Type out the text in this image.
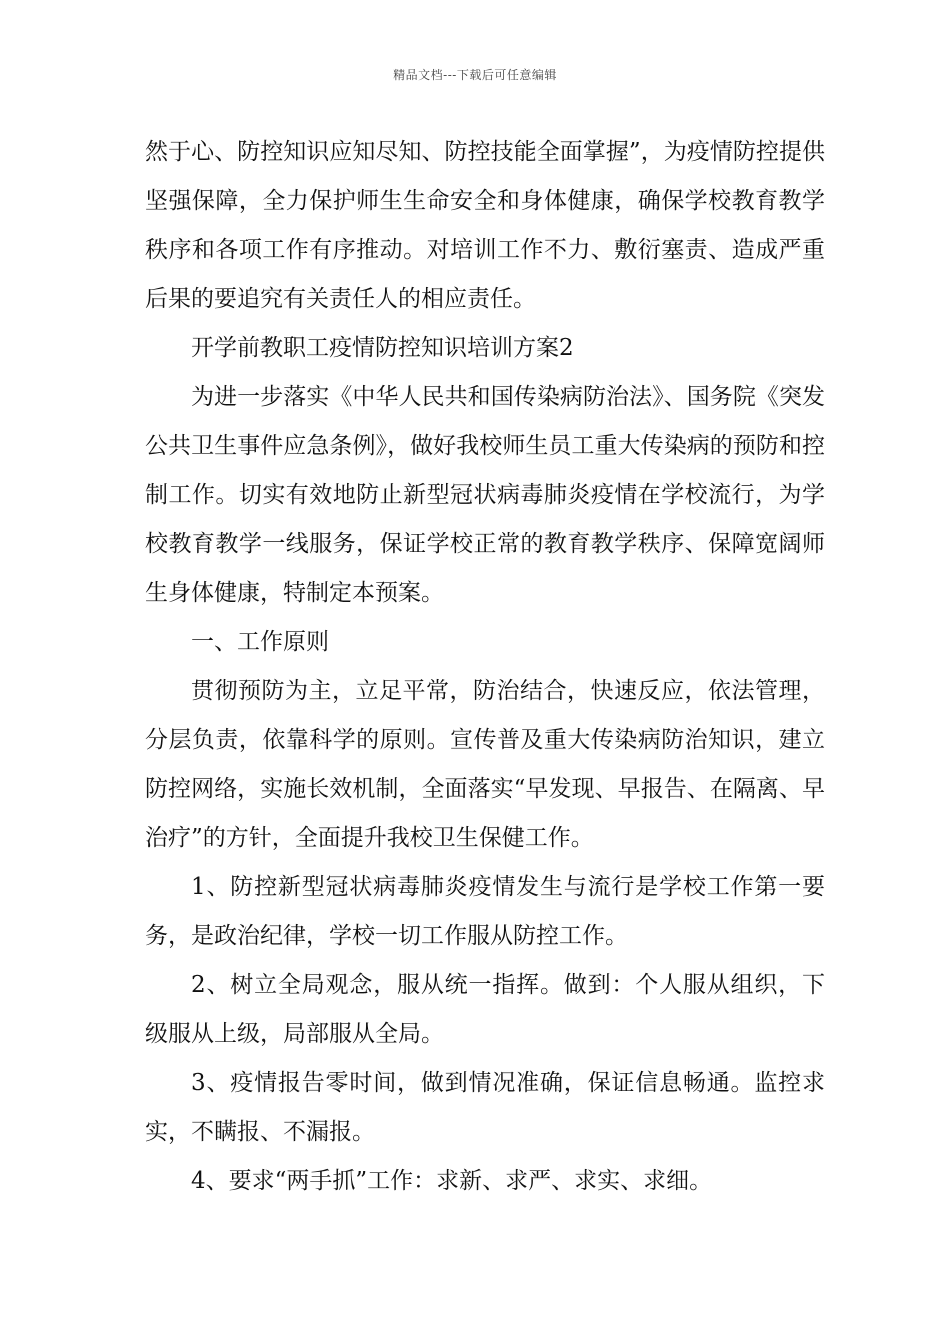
精品文档---下载后可任意编辑

然于心、防控知识应知尽知、防控技能全面掌握”，为疫情防控提供坚强保障，全力保护师生生命安全和身体健康，确保学校教育教学秩序和各项工作有序推动。对培训工作不力、敷衍塞责、造成严重后果的要追究有关责任人的相应责任。

开学前教职工疫情防控知识培训方案2

为进一步落实《中华人民共和国传染病防治法》、国务院《突发公共卫生事件应急条例》，做好我校师生员工重大传染病的预防和控制工作。切实有效地防止新型冠状病毒肺炎疫情在学校流行，为学校教育教学一线服务，保证学校正常的教育教学秩序、保障宽阔师生身体健康，特制定本预案。

一、工作原则

贯彻预防为主，立足平常，防治结合，快速反应，依法管理，分层负责，依靠科学的原则。宣传普及重大传染病防治知识，建立防控网络，实施长效机制，全面落实“早发现、早报告、在隔离、早治疗”的方针，全面提升我校卫生保健工作。

1、防控新型冠状病毒肺炎疫情发生与流行是学校工作第一要务，是政治纪律，学校一切工作服从防控工作。

2、树立全局观念，服从统一指挥。做到：个人服从组织，下级服从上级，局部服从全局。

3、疫情报告零时间，做到情况准确，保证信息畅通。监控求实，不瞒报、不漏报。

4、要求“两手抓”工作：求新、求严、求实、求细。
